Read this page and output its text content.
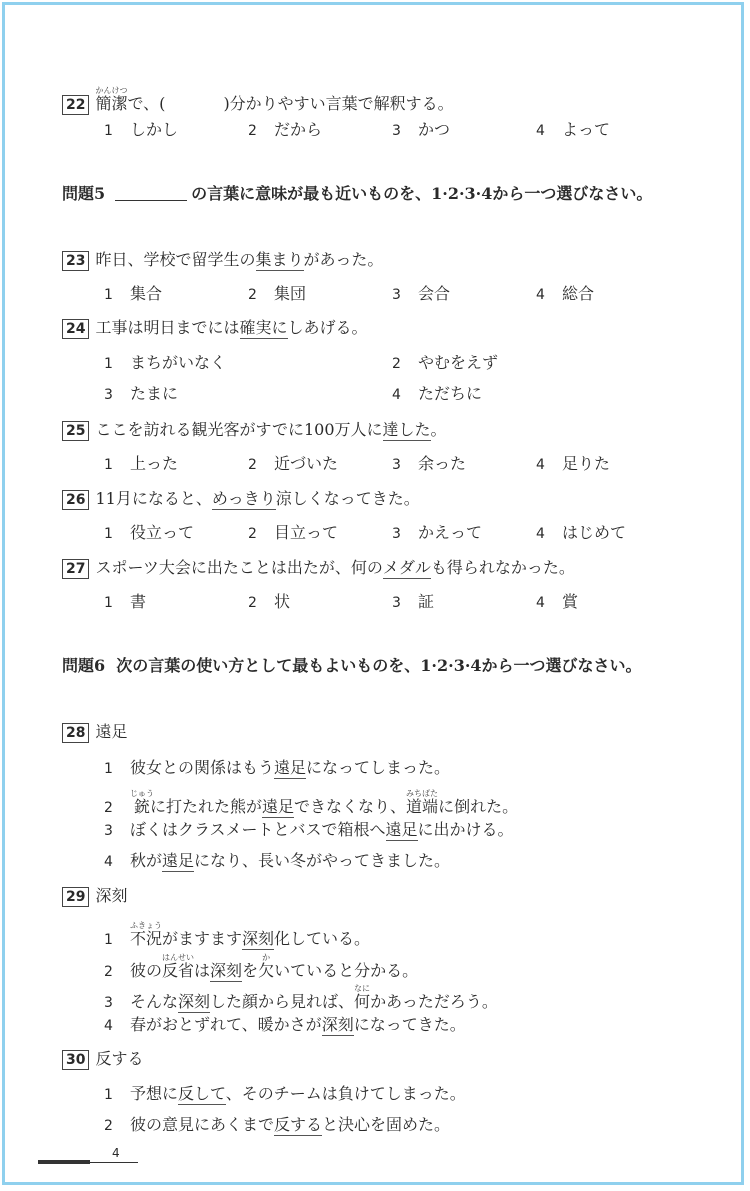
22 簡潔かんけつで、(	)分かりやすい言葉で解釈する。
1 しかし	2 だから	3 かつ	4 よって
問題5	の言葉に意味が最も近いものを、1·2·3·4から一つ選びなさい。
23 昨日、学校で留学生の集まりがあった。
1 集合	2 集団	3 会合	4 総合
24 工事は明日までには確実にしあげる。
1 まちがいなく	2 やむをえず
3 たまに	4 ただちに
25 ここを訪れる観光客がすでに100万人に達した。
1 上った	2 近づいた	3 余った	4 足りた
26 11月になると、めっきり涼しくなってきた。
1 役立って	2 目立って	3 かえって	4 はじめて
27 スポーツ大会に出たことは出たが、何のメダルも得られなかった。
1 書	2 状	3 証	4 賞
問題6 次の言葉の使い方として最もよいものを、1·2·3·4から一つ選びなさい。
28 遠足
1 彼女との関係はもう遠足になってしまった。
2 銃じゅうに打たれた熊が遠足できなくなり、道端みちばたに倒れた。
3 ぼくはクラスメートとバスで箱根へ遠足に出かける。
4 秋が遠足になり、長い冬がやってきました。
29 深刻
1 不況ふきょうがますます深刻化している。
2 彼の反省はんせいは深刻を欠かいていると分かる。
3 そんな深刻した顔から見れば、何なにかあっただろう。
4 春がおとずれて、暖かさが深刻になってきた。
30 反する
1 予想に反して、そのチームは負けてしまった。
2 彼の意見にあくまで反すると決心を固めた。
4
